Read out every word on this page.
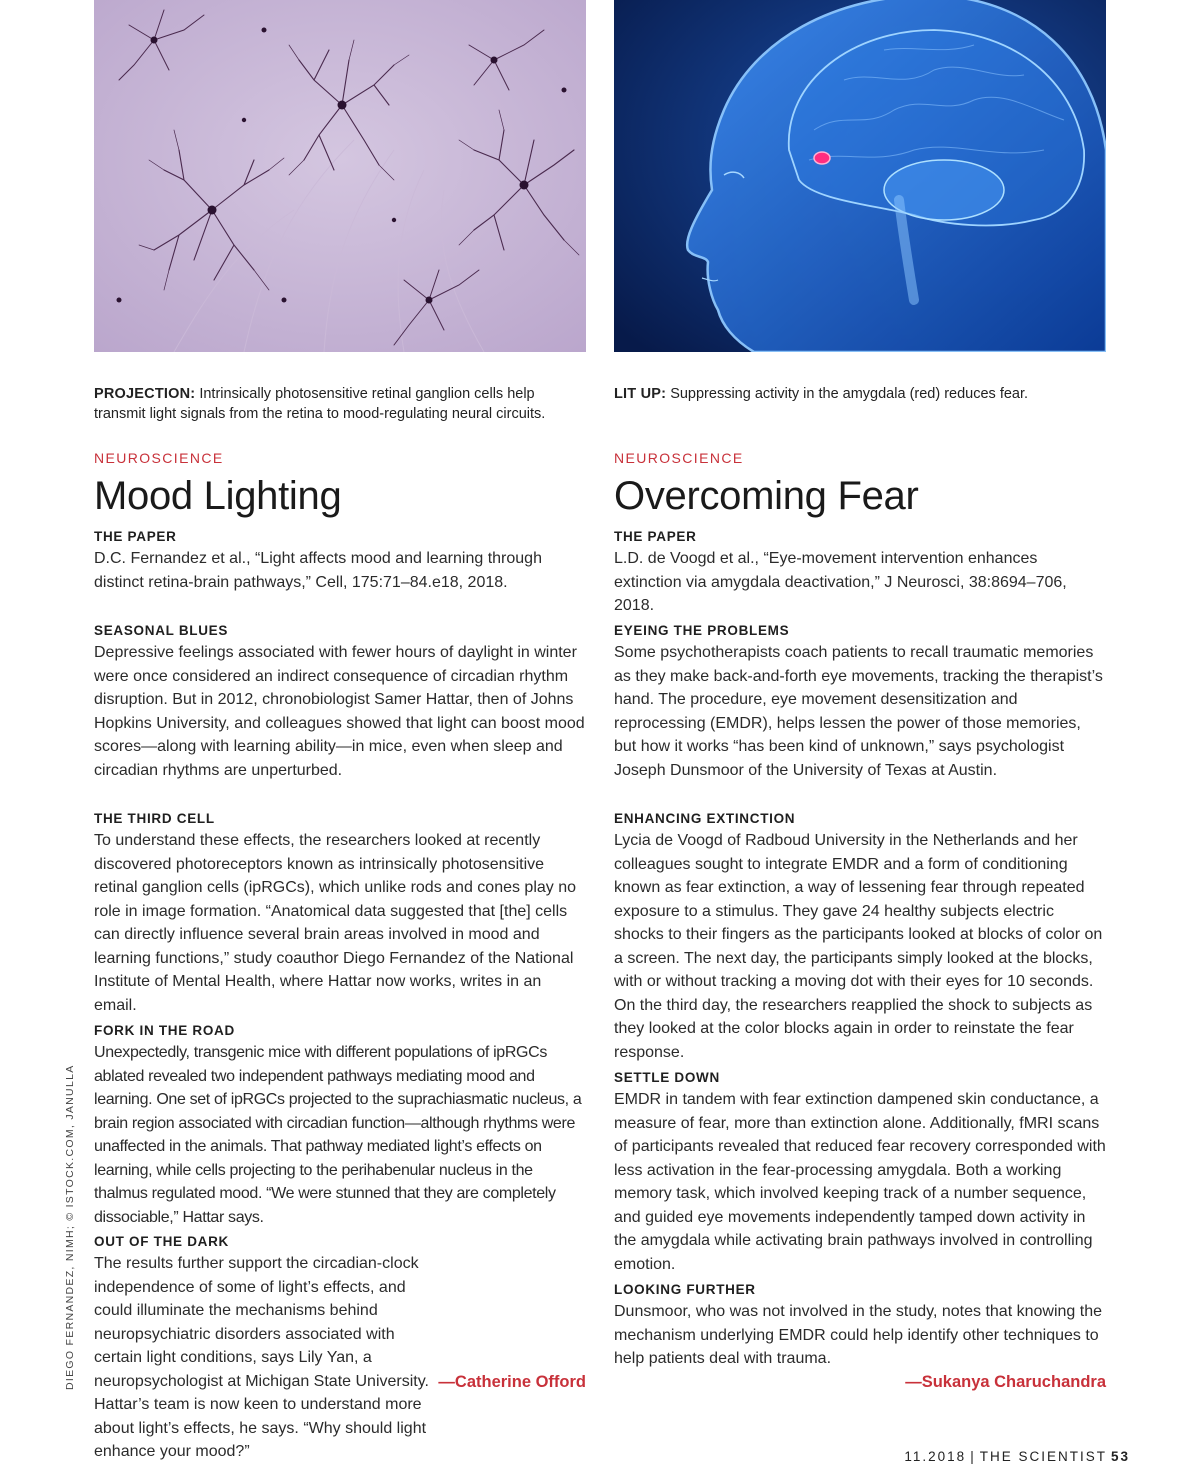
PROJECTION: Intrinsically photosensitive retinal ganglion cells help transmit light signals from the retina to mood-regulating neural circuits.
NEUROSCIENCE
Mood Lighting
THE PAPER

D.C. Fernandez et al., “Light affects mood and learning through distinct retina-brain pathways,” Cell, 175:71–84.e18, 2018.

SEASONAL BLUES

Depressive feelings associated with fewer hours of daylight in winter were once considered an indirect consequence of circadian rhythm disruption. But in 2012, chronobiologist Samer Hattar, then of Johns Hopkins University, and colleagues showed that light can boost mood scores—along with learning ability—in mice, even when sleep and circadian rhythms are unperturbed.

THE THIRD CELL

To understand these effects, the researchers looked at recently discovered photoreceptors known as intrinsically photosensitive retinal ganglion cells (ipRGCs), which unlike rods and cones play no role in image formation. “Anatomical data suggested that [the] cells can directly influence several brain areas involved in mood and learning functions,” study coauthor Diego Fernandez of the National Institute of Mental Health, where Hattar now works, writes in an email.

FORK IN THE ROAD

Unexpectedly, transgenic mice with different populations of ipRGCs ablated revealed two independent pathways mediating mood and learning. One set of ipRGCs projected to the suprachiasmatic nucleus, a brain region associated with circadian function—although rhythms were unaffected in the animals. That pathway mediated light’s effects on learning, while cells projecting to the perihabenular nucleus in the thalmus regulated mood. “We were stunned that they are completely dissociable,” Hattar says.

OUT OF THE DARK

The results further support the circadian-clock independence of some of light’s effects, and could illuminate the mechanisms behind neuropsychiatric disorders associated with certain light conditions, says Lily Yan, a neuropsychologist at Michigan State University. Hattar’s team is now keen to understand more about light’s effects, he says. “Why should light enhance your mood?”

—Catherine Offord
LIT UP: Suppressing activity in the amygdala (red) reduces fear.
NEUROSCIENCE
Overcoming Fear
THE PAPER

L.D. de Voogd et al., “Eye-movement intervention enhances extinction via amygdala deactivation,” J Neurosci, 38:8694–706, 2018.

EYEING THE PROBLEMS

Some psychotherapists coach patients to recall traumatic memories as they make back-and-forth eye movements, tracking the therapist’s hand. The procedure, eye movement desensitization and reprocessing (EMDR), helps lessen the power of those memories, but how it works “has been kind of unknown,” says psychologist Joseph Dunsmoor of the University of Texas at Austin.

ENHANCING EXTINCTION

Lycia de Voogd of Radboud University in the Netherlands and her colleagues sought to integrate EMDR and a form of conditioning known as fear extinction, a way of lessening fear through repeated exposure to a stimulus. They gave 24 healthy subjects electric shocks to their fingers as the participants looked at blocks of color on a screen. The next day, the participants simply looked at the blocks, with or without tracking a moving dot with their eyes for 10 seconds. On the third day, the researchers reapplied the shock to subjects as they looked at the color blocks again in order to reinstate the fear response.

SETTLE DOWN

EMDR in tandem with fear extinction dampened skin conductance, a measure of fear, more than extinction alone. Additionally, fMRI scans of participants revealed that reduced fear recovery corresponded with less activation in the fear-processing amygdala. Both a working memory task, which involved keeping track of a number sequence, and guided eye movements independently tamped down activity in the amygdala while activating brain pathways involved in controlling emotion.

LOOKING FURTHER

Dunsmoor, who was not involved in the study, notes that knowing the mechanism underlying EMDR could help identify other techniques to help patients deal with trauma.

—Sukanya Charuchandra
DIEGO FERNANDEZ, NIMH; © ISTOCK.COM, JANULLA
11.2018 | THE SCIENTIST 53
